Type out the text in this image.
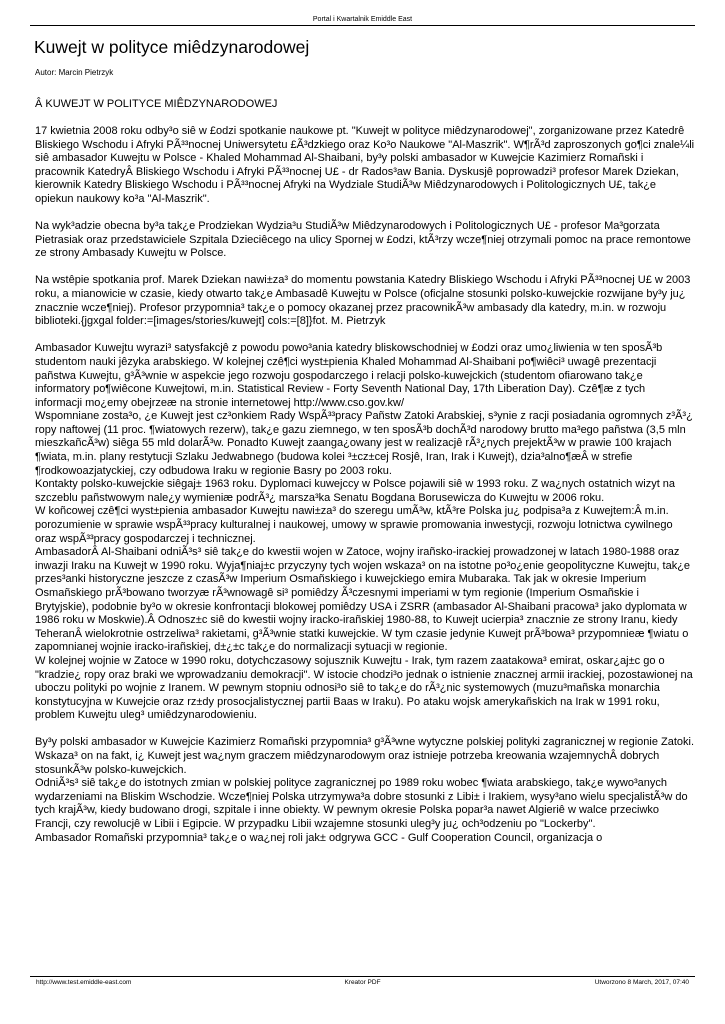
Portal i Kwartalnik Emiddle East
Kuwejt w polityce miêdzynarodowej
Autor: Marcin Pietrzyk

Â KUWEJT W POLITYCE MIÊDZYNARODOWEJ

17 kwietnia 2008 roku odby³o siê w £odzi spotkanie naukowe pt. "Kuwejt w polityce miêdzynarodowej", zorganizowane przez Katedrê Bliskiego Wschodu i Afryki PÃ³³nocnej Uniwersytetu £Ã³dzkiego oraz Ko³o Naukowe "Al-Maszrik". W¶rÃ³d zaproszonych go¶ci znale¼li siê ambasador Kuwejtu w Polsce - Khaled Mohammad Al-Shaibani, by³y polski ambasador w Kuwejcie Kazimierz Romañski i pracownik KatedryÂ Bliskiego Wschodu i Afryki PÃ³³nocnej U£ - dr Rados³aw Bania. Dyskusjê poprowadzi³ profesor Marek Dziekan, kierownik Katedry Bliskiego Wschodu i PÃ³³nocnej Afryki na Wydziale StudiÃ³w Miêdzynarodowych i Politologicznych U£, tak¿e opiekun naukowy ko³a "Al-Maszrik".

Na wyk³adzie obecna by³a tak¿e Prodziekan Wydzia³u StudiÃ³w Miêdzynarodowych i Politologicznych U£ - profesor Ma³gorzata Pietrasiak oraz przedstawiciele Szpitala Dzieciêcego na ulicy Spornej w £odzi, ktÃ³rzy wcze¶niej otrzymali pomoc na prace remontowe ze strony Ambasady Kuwejtu w Polsce.

Na wstêpie spotkania prof. Marek Dziekan nawi±za³ do momentu powstania Katedry Bliskiego Wschodu i Afryki PÃ³³nocnej U£ w 2003 roku, a mianowicie w czasie, kiedy otwarto tak¿e Ambasadê Kuwejtu w Polsce (oficjalne stosunki polsko-kuwejckie rozwijane by³y ju¿ znacznie wcze¶niej). Profesor przypomnia³ tak¿e o pomocy okazanej przez pracownikÃ³w ambasady dla katedry, m.in. w rozwoju biblioteki.{jgxgal folder:=[images/stories/kuwejt] cols:=[8]}fot. M. Pietrzyk

Ambasador Kuwejtu wyrazi³ satysfakcjê z powodu powo³ania katedry bliskowschodniej w £odzi oraz umo¿liwienia w ten sposÃ³b studentom nauki jêzyka arabskiego. W kolejnej czê¶ci wyst±pienia Khaled Mohammad Al-Shaibani po¶wiêci³ uwagê prezentacji pañstwa Kuwejtu, g³Ã³wnie w aspekcie jego rozwoju gospodarczego i relacji polsko-kuwejckich (studentom ofiarowano tak¿e informatory po¶wiêcone Kuwejtowi, m.in. Statistical Review - Forty Seventh National Day, 17th Liberation Day). Czê¶æ z tych informacji mo¿emy obejrzeæ na stronie internetowej http://www.cso.gov.kw/

Wspomniane zosta³o, ¿e Kuwejt jest cz³onkiem Rady WspÃ³³pracy Pañstw Zatoki Arabskiej, s³ynie z racji posiadania ogromnych z³Ã³¿ ropy naftowej (11 proc. ¶wiatowych rezerw), tak¿e gazu ziemnego, w ten sposÃ³b dochÃ³d narodowy brutto ma³ego pañstwa (3,5 mln mieszkañcÃ³w) siêga 55 mld dolarÃ³w. Ponadto Kuwejt zaanga¿owany jest w realizacjê rÃ³¿nych prejektÃ³w w prawie 100 krajach ¶wiata, m.in. plany restytucji Szlaku Jedwabnego (budowa kolei ³±cz±cej Rosjê, Iran, Irak i Kuwejt), dzia³alno¶æÂ w strefie ¶rodkowoazjatyckiej, czy odbudowa Iraku w regionie Basry po 2003 roku.

Kontakty polsko-kuwejckie siêgaj± 1963 roku. Dyplomaci kuwejccy w Polsce pojawili siê w 1993 roku. Z wa¿nych ostatnich wizyt na szczeblu pañstwowym nale¿y wymieniæ podrÃ³¿ marsza³ka Senatu Bogdana Borusewicza do Kuwejtu w 2006 roku.

W koñcowej czê¶ci wyst±pienia ambasador Kuwejtu nawi±za³ do szeregu umÃ³w, ktÃ³re Polska ju¿ podpisa³a z Kuwejtem:Â m.in. porozumienie w sprawie wspÃ³³pracy kulturalnej i naukowej, umowy w sprawie promowania inwestycji, rozwoju lotnictwa cywilnego oraz wspÃ³³pracy gospodarczej i technicznej.

AmbasadorÂ Al-Shaibani odniÃ³s³ siê tak¿e do kwestii wojen w Zatoce, wojny irañsko-irackiej prowadzonej w latach 1980-1988 oraz inwazji Iraku na Kuwejt w 1990 roku. Wyja¶niaj±c przyczyny tych wojen wskaza³ on na istotne po³o¿enie geopolityczne Kuwejtu, tak¿e przes³anki historyczne jeszcze z czasÃ³w Imperium Osmañskiego i kuwejckiego emira Mubaraka. Tak jak w okresie Imperium Osmañskiego prÃ³bowano tworzyæ rÃ³wnowagê si³ pomiêdzy Ã³czesnymi imperiami w tym regionie (Imperium Osmañskie i Brytyjskie), podobnie by³o w okresie konfrontacji blokowej pomiêdzy USA i ZSRR (ambasador Al-Shaibani pracowa³ jako dyplomata w 1986 roku w Moskwie).Â Odnosz±c siê do kwestii wojny iracko-irañskiej 1980-88, to Kuwejt ucierpia³ znacznie ze strony Iranu, kiedy TeheranÂ wielokrotnie ostrzeliwa³ rakietami, g³Ã³wnie statki kuwejckie. W tym czasie jedynie Kuwejt prÃ³bowa³ przypomnieæ ¶wiatu o zapomnianej wojnie iracko-irañskiej, d±¿±c tak¿e do normalizacji sytuacji w regionie.

W kolejnej wojnie w Zatoce w 1990 roku, dotychczasowy sojusznik Kuwejtu - Irak, tym razem zaatakowa³ emirat, oskar¿aj±c go o "kradzie¿ ropy oraz braki we wprowadzaniu demokracji". W istocie chodzi³o jednak o istnienie znacznej armii irackiej, pozostawionej na uboczu polityki po wojnie z Iranem. W pewnym stopniu odnosi³o siê to tak¿e do rÃ³¿nic systemowych (muzu³mañska monarchia konstytucyjna w Kuwejcie oraz rz±dy prosocjalistycznej partii Baas w Iraku). Po ataku wojsk amerykañskich na Irak w 1991 roku, problem Kuwejtu uleg³ umiêdzynarodowieniu.

By³y polski ambasador w Kuwejcie Kazimierz Romañski przypomnia³ g³Ã³wne wytyczne polskiej polityki zagranicznej w regionie Zatoki. Wskaza³ on na fakt, i¿ Kuwejt jest wa¿nym graczem miêdzynarodowym oraz istnieje potrzeba kreowania wzajemnychÂ dobrych stosunkÃ³w polsko-kuwejckich.

OdniÃ³s³ siê tak¿e do istotnych zmian w polskiej polityce zagranicznej po 1989 roku wobec ¶wiata arabskiego, tak¿e wywo³anych wydarzeniami na Bliskim Wschodzie. Wcze¶niej Polska utrzymywa³a dobre stosunki z Libi± i Irakiem, wysy³ano wielu specjalistÃ³w do tych krajÃ³w, kiedy budowano drogi, szpitale i inne obiekty. W pewnym okresie Polska popar³a nawet Algieriê w walce przeciwko Francji, czy rewolucjê w Libii i Egipcie. W przypadku Libii wzajemne stosunki uleg³y ju¿ och³odzeniu po "Lockerby".

Ambasador Romañski przypomnia³ tak¿e o wa¿nej roli jak± odgrywa GCC - Gulf Cooperation Council, organizacja o

http://www.test.emiddle-east.com	Kreator PDF	Utworzono 8 March, 2017, 07:40
